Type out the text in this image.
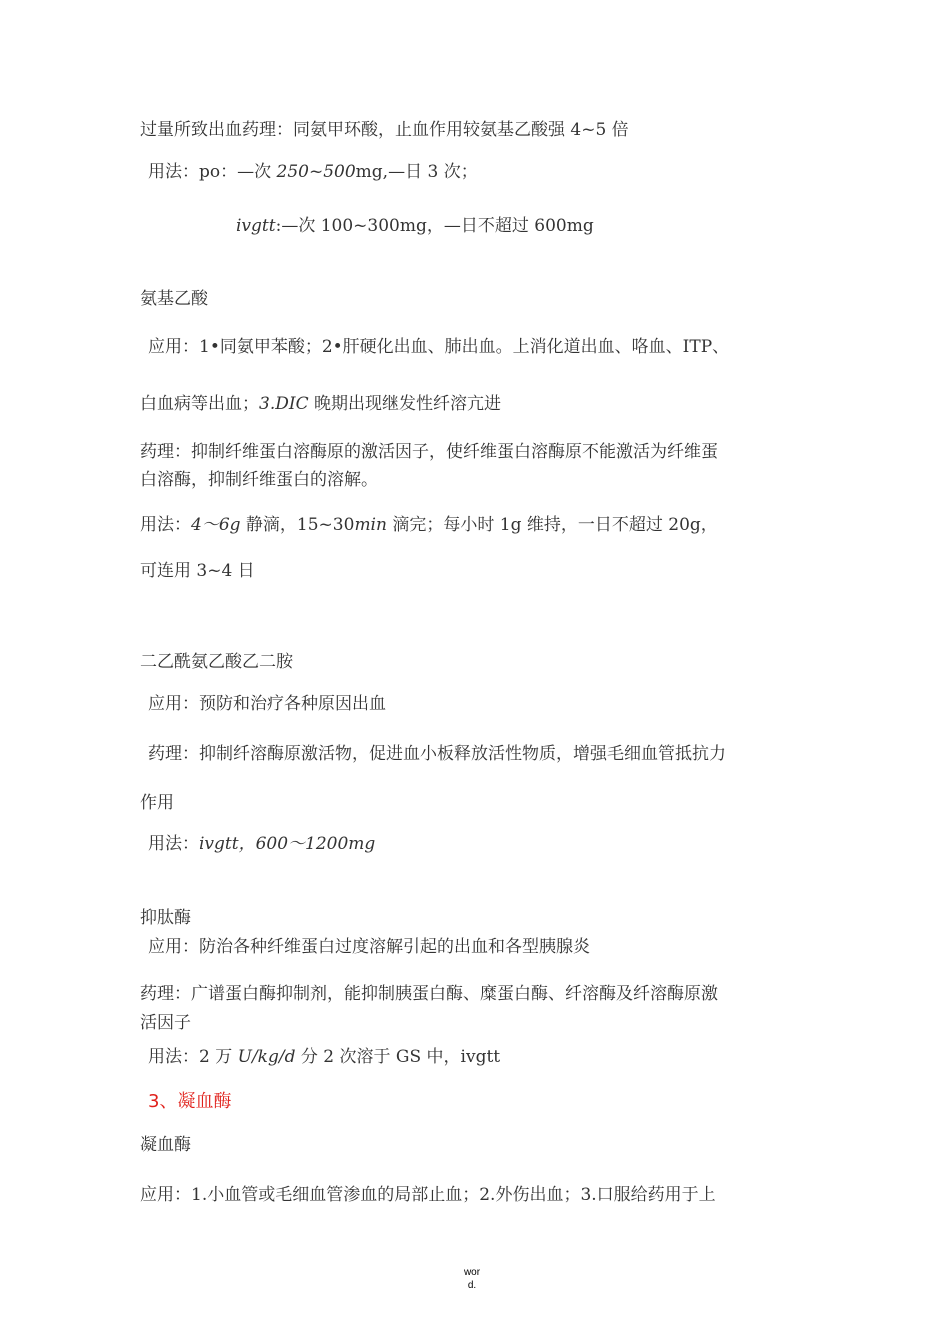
过量所致出血药理：同氨甲环酸，止血作用较氨基乙酸强 4~5 倍
用法：po：—次 250~500mg,—日 3 次；
ivgtt:—次 100~300mg，—日不超过 600mg
氨基乙酸
应用：1•同氨甲苯酸；2•肝硬化出血、肺出血。上消化道出血、咯血、ITP、
白血病等出血；3.DIC 晚期出现继发性纤溶亢进
药理：抑制纤维蛋白溶酶原的激活因子，使纤维蛋白溶酶原不能激活为纤维蛋
白溶酶，抑制纤维蛋白的溶解。
用法：4〜6g 静滴，15~30min 滴完；每小时 1g 维持，一日不超过 20g，
可连用 3~4 日
二乙酰氨乙酸乙二胺
应用：预防和治疗各种原因出血
药理：抑制纤溶酶原激活物，促进血小板释放活性物质，增强毛细血管抵抗力
作用
用法：ivgtt，600〜1200mg
抑肽酶
应用：防治各种纤维蛋白过度溶解引起的出血和各型胰腺炎
药理：广谱蛋白酶抑制剂，能抑制胰蛋白酶、糜蛋白酶、纤溶酶及纤溶酶原激
活因子
用法：2 万 U/kg/d 分 2 次溶于 GS 中，ivgtt
3、凝血酶
凝血酶
应用：1.小血管或毛细血管渗血的局部止血；2.外伤出血；3.口服给药用于上
wor
d.
